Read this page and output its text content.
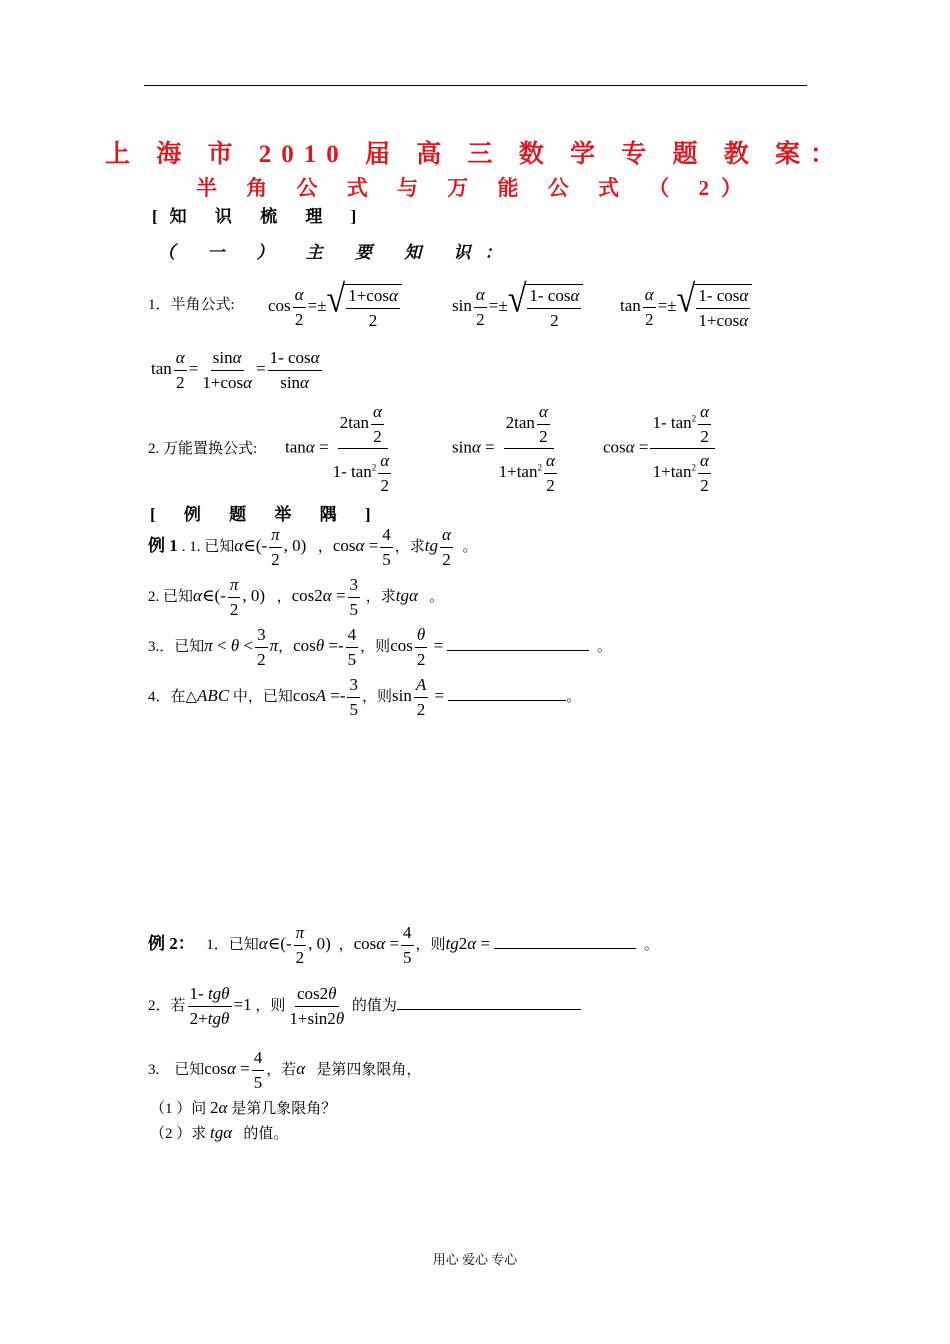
上 海 市 2010 届 高 三 数 学 专 题 教 案：
半 角 公 式 与 万 能 公 式 （ 2）
[知 识 梳 理 ]
（ 一 ） 主 要 知 识：
1．半角公式: $\cos \frac{\alpha}{2}$ =± √ $\frac{1+\cos\alpha}{2}$	$\sin \frac{\alpha}{2}$ =± √ $\frac{1- \cos\alpha}{2}$ $\tan \frac{\alpha}{2}$ =± √ $\frac{1- \cos\alpha}{1+\cos\alpha}$
$\tan \frac{\alpha}{2} = \frac{\sin\alpha}{1+\cos\alpha} = \frac{1- \cos\alpha}{\sin\alpha}$
2. 万能置换公式: $\tan\alpha = \frac{2\tan \frac{\alpha}{2}}{1- \tan^2 \frac{\alpha}{2}}$	$\sin\alpha = \frac{2\tan \frac{\alpha}{2}}{1+\tan^2 \frac{\alpha}{2}}$ $\cos\alpha = \frac{1- \tan^2 \frac{\alpha}{2}}{1+\tan^2 \frac{\alpha}{2}}$
[ 例 题 举 隅 ]
例 1 . 1. 已知α∈(- $\frac{\pi}{2}$ , 0)   ，$\cos\alpha = \frac{4}{5}$ ，求tg $\frac{\alpha}{2}$ 。
2. 已知α∈(- $\frac{\pi}{2}$ , 0)   ，$\cos 2\alpha = \frac{3}{5}$ ，求tgα   。
3.．已知$\pi < \theta < \frac{3}{2}$ π，$\cos\theta =- \frac{4}{5}$ ，则$\cos \frac{\theta}{2}$ =	。
4．在△ABC 中，已知$\cos A =- \frac{3}{5}$ ，则$\sin \frac{A}{2}$ =	。
例 2：   1．已知α∈(- $\frac{\pi}{2}$ , 0)  ，$\cos\alpha = \frac{4}{5}$ ，则tg2α =	。
2．若 $\frac{\text{1- tgθ}}{\text{2+tgθ}} =1$ ，则 $\frac{\cos 2\theta}{1+\sin 2\theta}$ 的值为
3.    已知$\cos\alpha = \frac{4}{5}$ ，若α   是第四象限角，
（1 ）问 2α 是第几象限角？
（2 ）求 tgα   的值。
用心 爱心 专心
